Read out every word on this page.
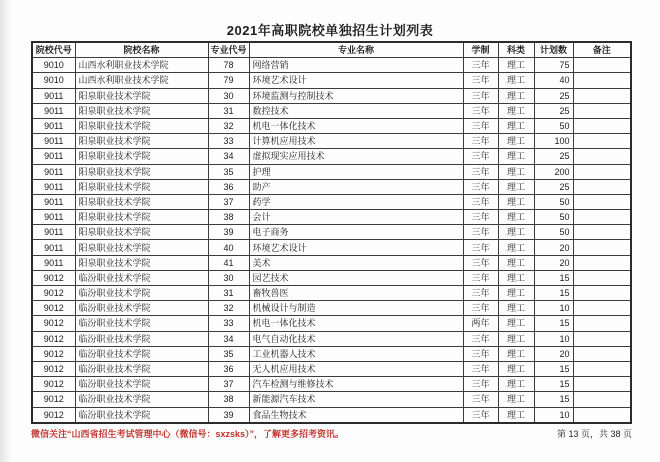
2021年高职院校单独招生计划列表
院校代号	院校名称	专业代号	专业名称	学制	科类	计划数	备注
9010	山西水利职业技术学院	78	网络营销	三年	理工	75	
9010	山西水利职业技术学院	79	环境艺术设计	三年	理工	40	
9011	阳泉职业技术学院	30	环境监测与控制技术	三年	理工	25	
9011	阳泉职业技术学院	31	数控技术	三年	理工	25	
9011	阳泉职业技术学院	32	机电一体化技术	三年	理工	50	
9011	阳泉职业技术学院	33	计算机应用技术	三年	理工	100	
9011	阳泉职业技术学院	34	虚拟现实应用技术	三年	理工	25	
9011	阳泉职业技术学院	35	护理	三年	理工	200	
9011	阳泉职业技术学院	36	助产	三年	理工	25	
9011	阳泉职业技术学院	37	药学	三年	理工	50	
9011	阳泉职业技术学院	38	会计	三年	理工	50	
9011	阳泉职业技术学院	39	电子商务	三年	理工	50	
9011	阳泉职业技术学院	40	环境艺术设计	三年	理工	20	
9011	阳泉职业技术学院	41	美术	三年	理工	20	
9012	临汾职业技术学院	30	园艺技术	三年	理工	15	
9012	临汾职业技术学院	31	畜牧兽医	三年	理工	15	
9012	临汾职业技术学院	32	机械设计与制造	三年	理工	10	
9012	临汾职业技术学院	33	机电一体化技术	两年	理工	15	
9012	临汾职业技术学院	34	电气自动化技术	三年	理工	10	
9012	临汾职业技术学院	35	工业机器人技术	三年	理工	20	
9012	临汾职业技术学院	36	无人机应用技术	三年	理工	15	
9012	临汾职业技术学院	37	汽车检测与维修技术	三年	理工	15	
9012	临汾职业技术学院	38	新能源汽车技术	三年	理工	15	
9012	临汾职业技术学院	39	食品生物技术	三年	理工	10	
微信关注“山西省招生考试管理中心（微信号：sxzsks）”，了解更多招考资讯。	第 13 页，共 38 页
